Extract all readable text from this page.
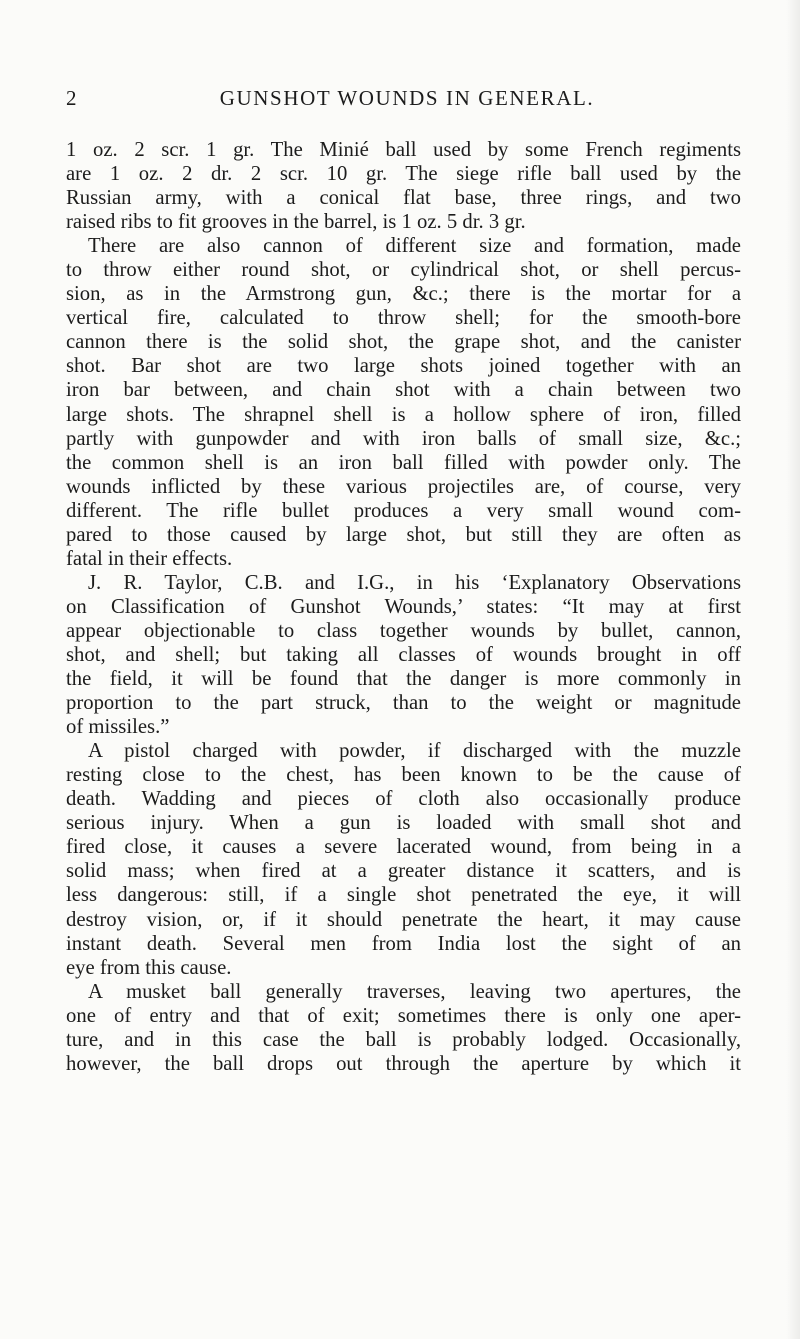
2	GUNSHOT WOUNDS IN GENERAL.

1 oz. 2 scr. 1 gr. The Minié ball used by some French regiments
are 1 oz. 2 dr. 2 scr. 10 gr. The siege rifle ball used by the
Russian army, with a conical flat base, three rings, and two
raised ribs to fit grooves in the barrel, is 1 oz. 5 dr. 3 gr.

There are also cannon of different size and formation, made
to throw either round shot, or cylindrical shot, or shell percus-
sion, as in the Armstrong gun, &c.; there is the mortar for a
vertical fire, calculated to throw shell; for the smooth-bore
cannon there is the solid shot, the grape shot, and the canister
shot. Bar shot are two large shots joined together with an
iron bar between, and chain shot with a chain between two
large shots. The shrapnel shell is a hollow sphere of iron, filled
partly with gunpowder and with iron balls of small size, &c.;
the common shell is an iron ball filled with powder only. The
wounds inflicted by these various projectiles are, of course, very
different. The rifle bullet produces a very small wound com-
pared to those caused by large shot, but still they are often as
fatal in their effects.

J. R. Taylor, C.B. and I.G., in his ‘Explanatory Observations
on Classification of Gunshot Wounds,’ states: “It may at first
appear objectionable to class together wounds by bullet, cannon,
shot, and shell; but taking all classes of wounds brought in off
the field, it will be found that the danger is more commonly in
proportion to the part struck, than to the weight or magnitude
of missiles.”

A pistol charged with powder, if discharged with the muzzle
resting close to the chest, has been known to be the cause of
death. Wadding and pieces of cloth also occasionally produce
serious injury. When a gun is loaded with small shot and
fired close, it causes a severe lacerated wound, from being in a
solid mass; when fired at a greater distance it scatters, and is
less dangerous: still, if a single shot penetrated the eye, it will
destroy vision, or, if it should penetrate the heart, it may cause
instant death. Several men from India lost the sight of an
eye from this cause.

A musket ball generally traverses, leaving two apertures, the
one of entry and that of exit; sometimes there is only one aper-
ture, and in this case the ball is probably lodged. Occasionally,
however, the ball drops out through the aperture by which it
